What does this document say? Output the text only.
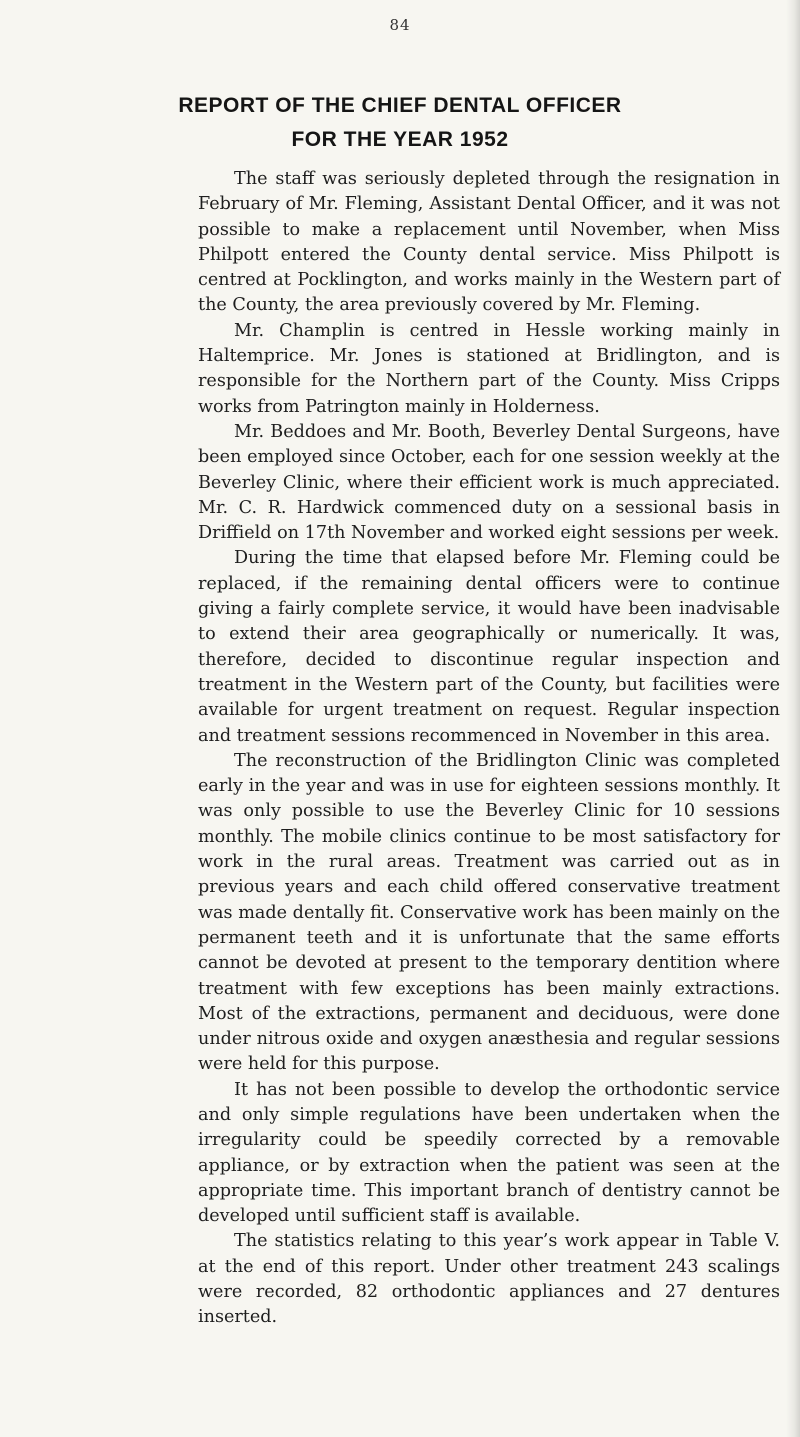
84
REPORT OF THE CHIEF DENTAL OFFICER
FOR THE YEAR 1952

The staff was seriously depleted through the resignation in February of Mr. Fleming, Assistant Dental Officer, and it was not possible to make a replacement until November, when Miss Philpott entered the County dental service. Miss Philpott is centred at Pocklington, and works mainly in the Western part of the County, the area previously covered by Mr. Fleming.

Mr. Champlin is centred in Hessle working mainly in Haltemprice. Mr. Jones is stationed at Bridlington, and is responsible for the Northern part of the County. Miss Cripps works from Patrington mainly in Holderness.

Mr. Beddoes and Mr. Booth, Beverley Dental Surgeons, have been employed since October, each for one session weekly at the Beverley Clinic, where their efficient work is much appreciated. Mr. C. R. Hardwick commenced duty on a sessional basis in Driffield on 17th November and worked eight sessions per week.

During the time that elapsed before Mr. Fleming could be replaced, if the remaining dental officers were to continue giving a fairly complete service, it would have been inadvisable to extend their area geographically or numerically. It was, therefore, decided to discontinue regular inspection and treatment in the Western part of the County, but facilities were available for urgent treatment on request. Regular inspection and treatment sessions recommenced in November in this area.

The reconstruction of the Bridlington Clinic was completed early in the year and was in use for eighteen sessions monthly. It was only possible to use the Beverley Clinic for 10 sessions monthly. The mobile clinics continue to be most satisfactory for work in the rural areas. Treatment was carried out as in previous years and each child offered conservative treatment was made dentally fit. Conservative work has been mainly on the permanent teeth and it is unfortunate that the same efforts cannot be devoted at present to the temporary dentition where treatment with few exceptions has been mainly extractions. Most of the extractions, permanent and deciduous, were done under nitrous oxide and oxygen anæsthesia and regular sessions were held for this purpose.

It has not been possible to develop the orthodontic service and only simple regulations have been undertaken when the irregularity could be speedily corrected by a removable appliance, or by extraction when the patient was seen at the appropriate time. This important branch of dentistry cannot be developed until sufficient staff is available.

The statistics relating to this year’s work appear in Table V. at the end of this report. Under other treatment 243 scalings were recorded, 82 orthodontic appliances and 27 dentures inserted.
